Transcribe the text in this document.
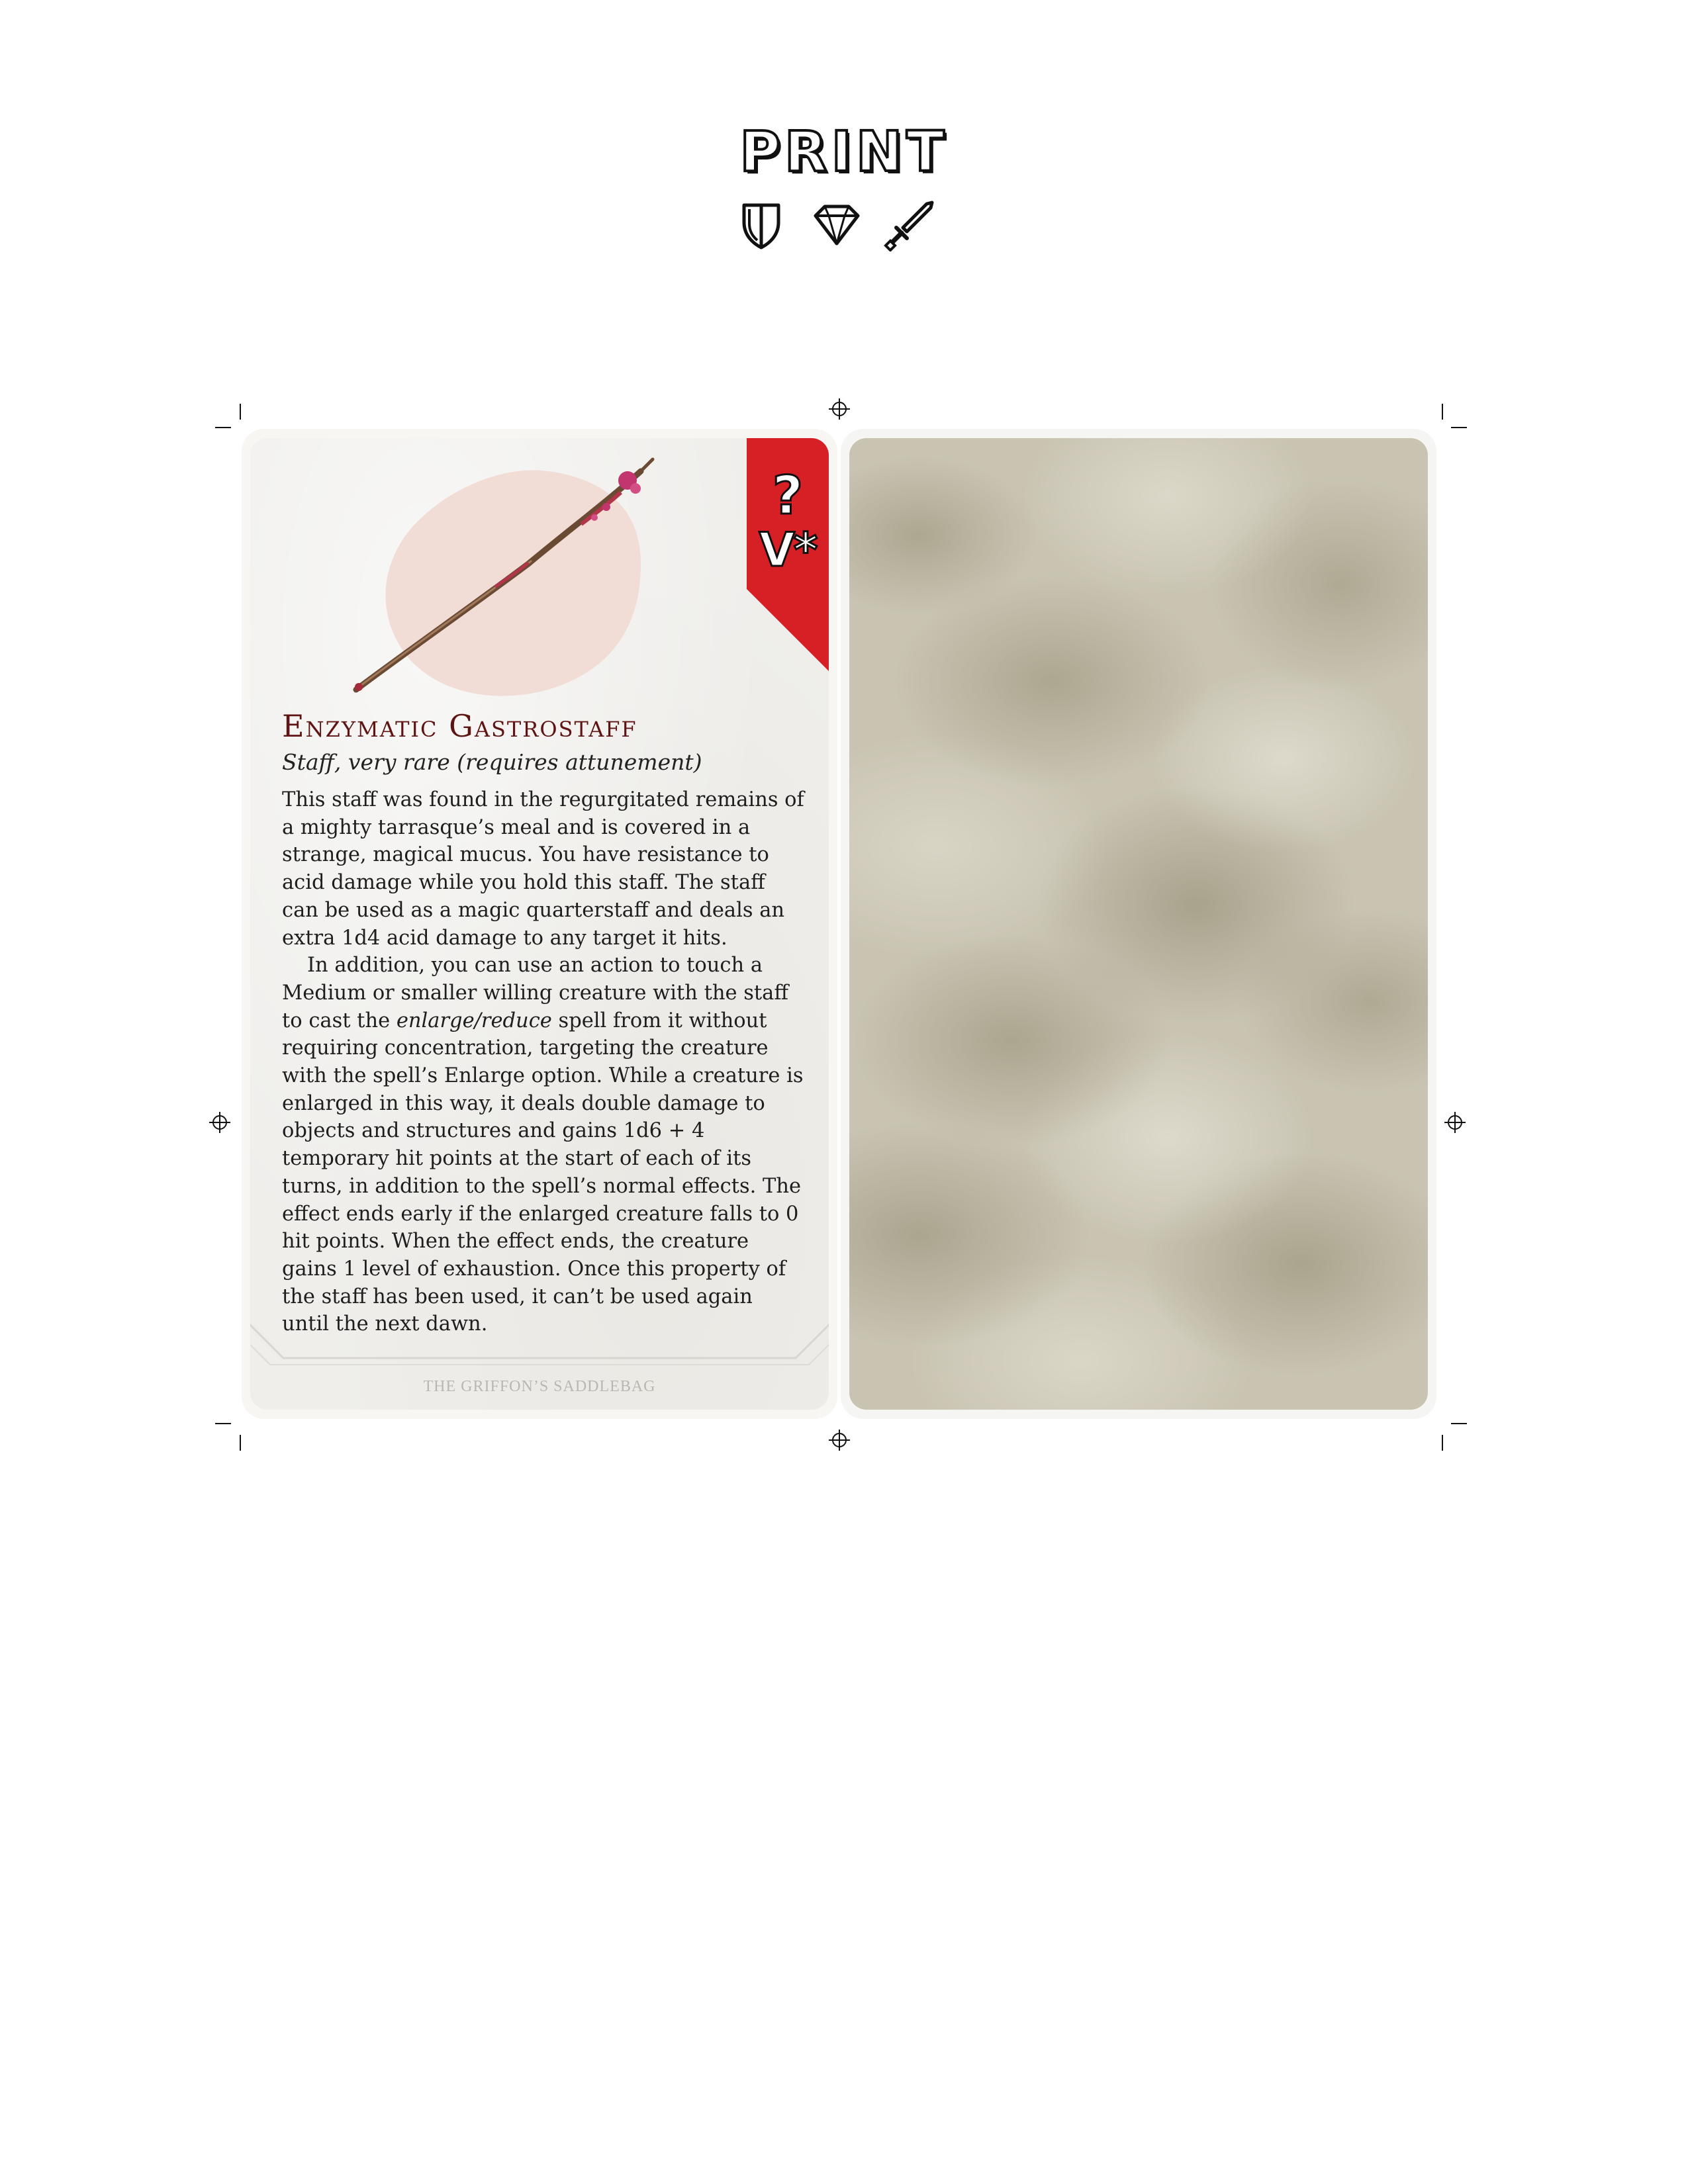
PRINT
?
V*
Enzymatic Gastrostaff
Staff, very rare (requires attunement)

This staff was found in the regurgitated remains of a mighty tarrasque’s meal and is covered in a strange, magical mucus. You have resistance to acid damage while you hold this staff. The staff can be used as a magic quarterstaff and deals an extra 1d4 acid damage to any target it hits.

In addition, you can use an action to touch a Medium or smaller willing creature with the staff to cast the enlarge/reduce spell from it without requiring concentration, targeting the creature with the spell’s Enlarge option. While a creature is enlarged in this way, it deals double damage to objects and structures and gains 1d6 + 4 temporary hit points at the start of each of its turns, in addition to the spell’s normal effects. The effect ends early if the enlarged creature falls to 0 hit points. When the effect ends, the creature gains 1 level of exhaustion. Once this property of the staff has been used, it can’t be used again until the next dawn.

THE GRIFFON’S SADDLEBAG
